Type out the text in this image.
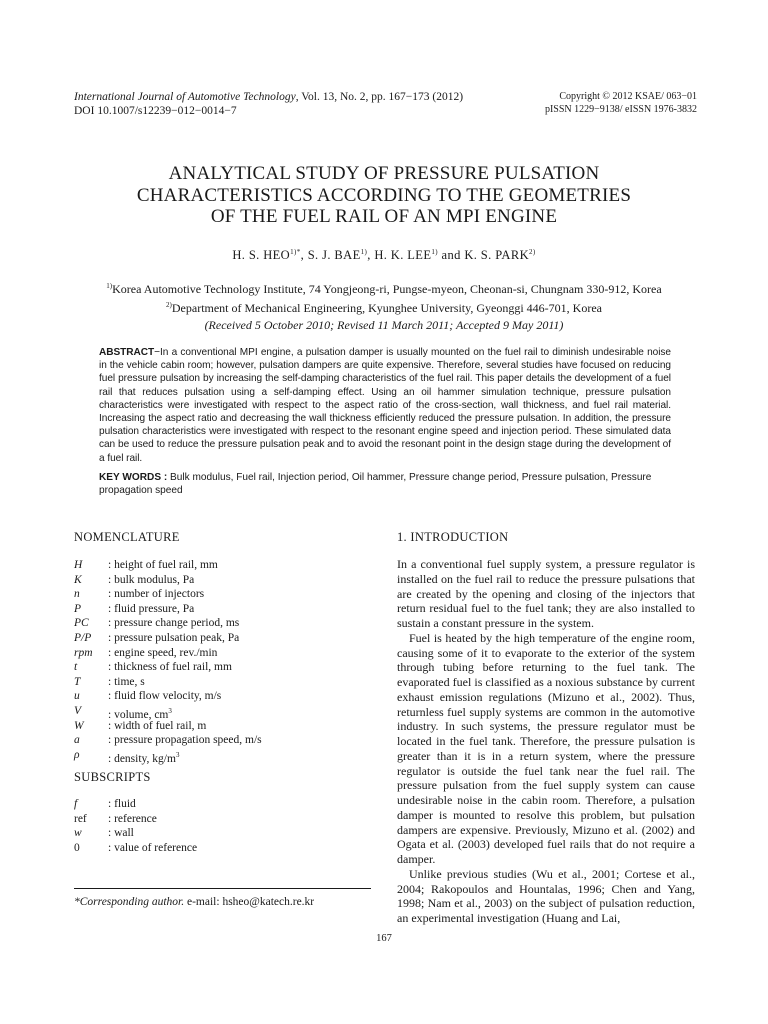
International Journal of Automotive Technology, Vol. 13, No. 2, pp. 167−173 (2012)
DOI 10.1007/s12239−012−0014−7
Copyright © 2012 KSAE/ 063−01
pISSN 1229−9138/ eISSN 1976-3832
ANALYTICAL STUDY OF PRESSURE PULSATION
CHARACTERISTICS ACCORDING TO THE GEOMETRIES
OF THE FUEL RAIL OF AN MPI ENGINE
H. S. $HEO^{1)*}$, S. J. BAE$^{1)}$, H. K. LEE$^{1)}$ and K. S. PARK$^{2)}$
$^{1)}$Korea Automotive Technology Institute, 74 Yongjeong-ri, Pungse-myeon, Cheonan-si, Chungnam 330-912, Korea
$^{2)}$Department of Mechanical Engineering, Kyunghee University, Gyeonggi 446-701, Korea
(Received 5 October 2010; Revised 11 March 2011; Accepted 9 May 2011)
ABSTRACT−In a conventional MPI engine, a pulsation damper is usually mounted on the fuel rail to diminish undesirable noise in the vehicle cabin room; however, pulsation dampers are quite expensive. Therefore, several studies have focused on reducing fuel pressure pulsation by increasing the self-damping characteristics of the fuel rail. This paper details the development of a fuel rail that reduces pulsation using a self-damping effect. Using an oil hammer simulation technique, pressure pulsation characteristics were investigated with respect to the aspect ratio of the cross-section, wall thickness, and fuel rail material. Increasing the aspect ratio and decreasing the wall thickness efficiently reduced the pressure pulsation. In addition, the pressure pulsation characteristics were investigated with respect to the resonant engine speed and injection period. These simulated data can be used to reduce the pressure pulsation peak and to avoid the resonant point in the design stage during the development of a fuel rail.
KEY WORDS : Bulk modulus, Fuel rail, Injection period, Oil hammer, Pressure change period, Pressure pulsation, Pressure propagation speed
NOMENCLATURE
H : height of fuel rail, mm
K : bulk modulus, Pa
n : number of injectors
P : fluid pressure, Pa
PC : pressure change period, ms
P/P : pressure pulsation peak, Pa
rpm : engine speed, rev./min
t	: thickness of fuel rail, mm
T : time, s
u : fluid flow velocity, m/s
V : volume, $cm^3$
W : width of fuel rail, m
a : pressure propagation speed, m/s
ρ : density, $kg/m^3$
SUBSCRIPTS
f	: fluid
ref : reference
w : wall
0 : value of reference
*Corresponding author. e-mail: hsheo@katech.re.kr
1. INTRODUCTION

In a conventional fuel supply system, a pressure regulator is installed on the fuel rail to reduce the pressure pulsations that are created by the opening and closing of the injectors that return residual fuel to the fuel tank; they are also installed to sustain a constant pressure in the system.

Fuel is heated by the high temperature of the engine room, causing some of it to evaporate to the exterior of the system through tubing before returning to the fuel tank. The evaporated fuel is classified as a noxious substance by current exhaust emission regulations (Mizuno et al., 2002). Thus, returnless fuel supply systems are common in the automotive industry. In such systems, the pressure regulator must be located in the fuel tank. Therefore, the pressure pulsation is greater than it is in a return system, where the pressure regulator is outside the fuel tank near the fuel rail. The pressure pulsation from the fuel supply system can cause undesirable noise in the cabin room. Therefore, a pulsation damper is mounted to resolve this problem, but pulsation dampers are expensive. Previously, Mizuno et al. (2002) and Ogata et al. (2003) developed fuel rails that do not require a damper.

Unlike previous studies (Wu et al., 2001; Cortese et al., 2004; Rakopoulos and Hountalas, 1996; Chen and Yang, 1998; Nam et al., 2003) on the subject of pulsation reduction, an experimental investigation (Huang and Lai,

167
